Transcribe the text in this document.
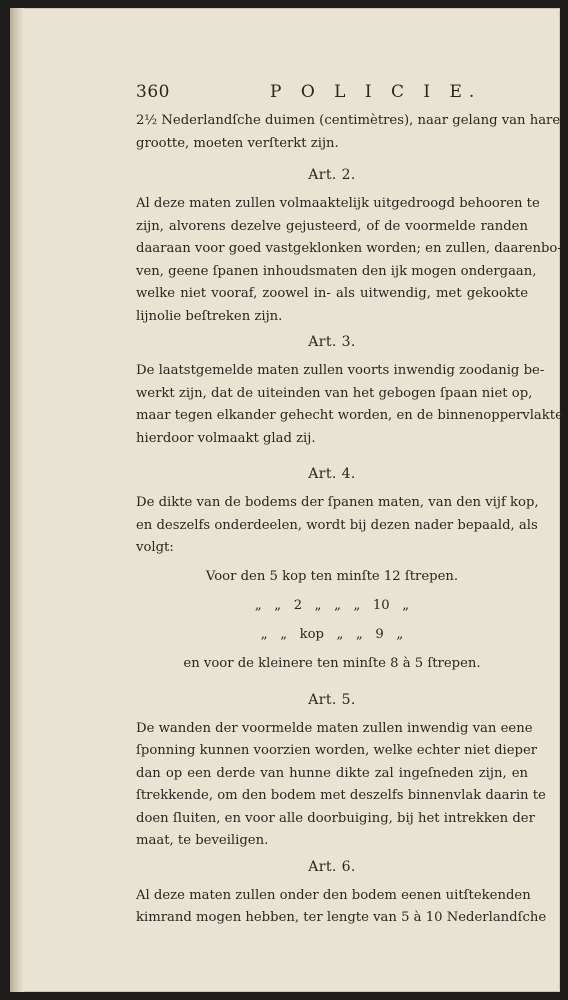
360	P O L I C I E.
2½ Nederlandſche duimen (centimètres), naar gelang van hare
grootte, moeten verſterkt zijn.
Art. 2.
Al deze maten zullen volmaaktelijk uitgedroogd behooren te
zijn, alvorens dezelve gejusteerd, of de voormelde randen
daaraan voor goed vastgeklonken worden; en zullen, daarenbo-
ven, geene ſpanen inhoudsmaten den ijk mogen ondergaan,
welke niet vooraf, zoowel in- als uitwendig, met gekookte
lijnolie beſtreken zijn.
Art. 3.
De laatstgemelde maten zullen voorts inwendig zoodanig be-
werkt zijn, dat de uiteinden van het gebogen ſpaan niet op,
maar tegen elkander gehecht worden, en de binnenoppervlakte
hierdoor volmaakt glad zij.
Art. 4.
De dikte van de bodems der ſpanen maten, van den vijf kop,
en deszelfs onderdeelen, wordt bij dezen nader bepaald, als
volgt:
Voor den 5 kop ten minſte 12 ſtrepen.
„   „   2   „   „   „   10   „
„   „   kop   „   „   9   „
en voor de kleinere ten minſte 8 à 5 ſtrepen.
Art. 5.
De wanden der voormelde maten zullen inwendig van eene
ſponning kunnen voorzien worden, welke echter niet dieper
dan op een derde van hunne dikte zal ingeſneden zijn, en
ſtrekkende, om den bodem met deszelfs binnenvlak daarin te
doen ſluiten, en voor alle doorbuiging, bij het intrekken der
maat, te beveiligen.
Art. 6.
Al deze maten zullen onder den bodem eenen uitſtekenden
kimrand mogen hebben, ter lengte van 5 à 10 Nederlandſche
